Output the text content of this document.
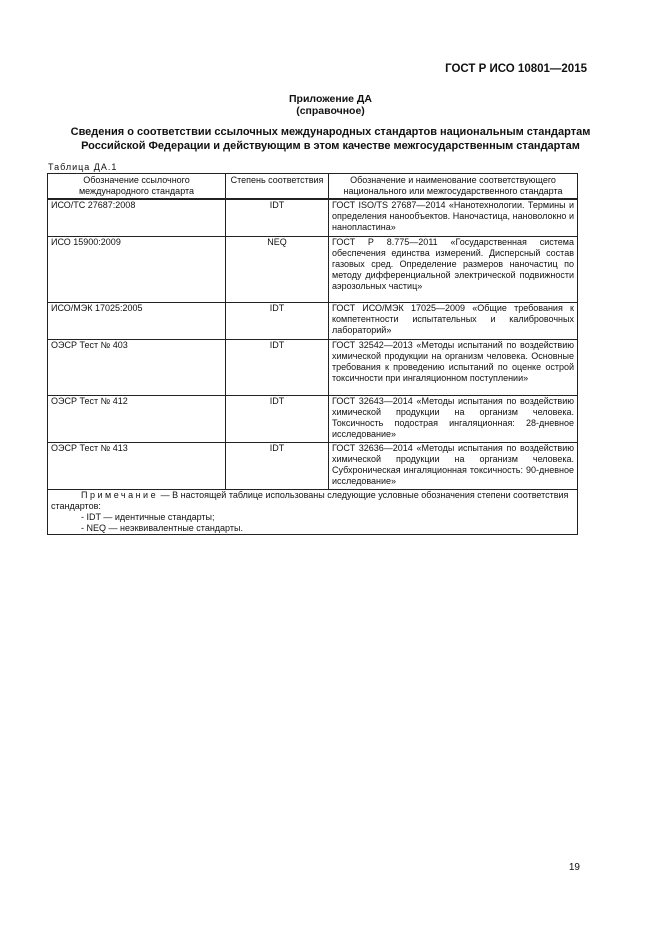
ГОСТ Р ИСО 10801—2015
Приложение ДА
(справочное)
Сведения о соответствии ссылочных международных стандартов национальным стандартам
Российской Федерации и действующим в этом качестве межгосударственным стандартам
Таблица ДА.1
Обозначение ссылочного международного стандарта	Степень соответствия	Обозначение и наименование соответствующего национального или межгосударственного стандарта
ИСО/ТС 27687:2008	IDT	ГОСТ ISO/TS 27687—2014 «Нанотехнологии. Термины и определения нанообъектов. Наночастица, нановолокно и нанопластина»
ИСО 15900:2009	NEQ	ГОСТ Р 8.775—2011 «Государственная система обеспечения единства измерений. Дисперсный состав газовых сред. Определение размеров наночастиц по методу дифференциальной электрической подвижности аэрозольных частиц»
ИСО/МЭК 17025:2005	IDT	ГОСТ ИСО/МЭК 17025—2009 «Общие требования к компетентности испытательных и калибровочных лабораторий»
ОЭСР Тест № 403	IDT	ГОСТ 32542—2013 «Методы испытаний по воздействию химической продукции на организм человека. Основные требования к проведению испытаний по оценке острой токсичности при ингаляционном поступлении»
ОЭСР Тест № 412	IDT	ГОСТ 32643—2014 «Методы испытания по воздействию химической продукции на организм человека. Токсичность подострая ингаляционная: 28-дневное исследование»
ОЭСР Тест № 413	IDT	ГОСТ 32636—2014 «Методы испытания по воздействию химической продукции на организм человека. Субхроническая ингаляционная токсичность: 90-дневное исследование»

Примечание — В настоящей таблице использованы следующие условные обозначения степени соответствия стандартов:

- IDT — идентичные стандарты;

- NEQ — неэквивалентные стандарты.		

19
